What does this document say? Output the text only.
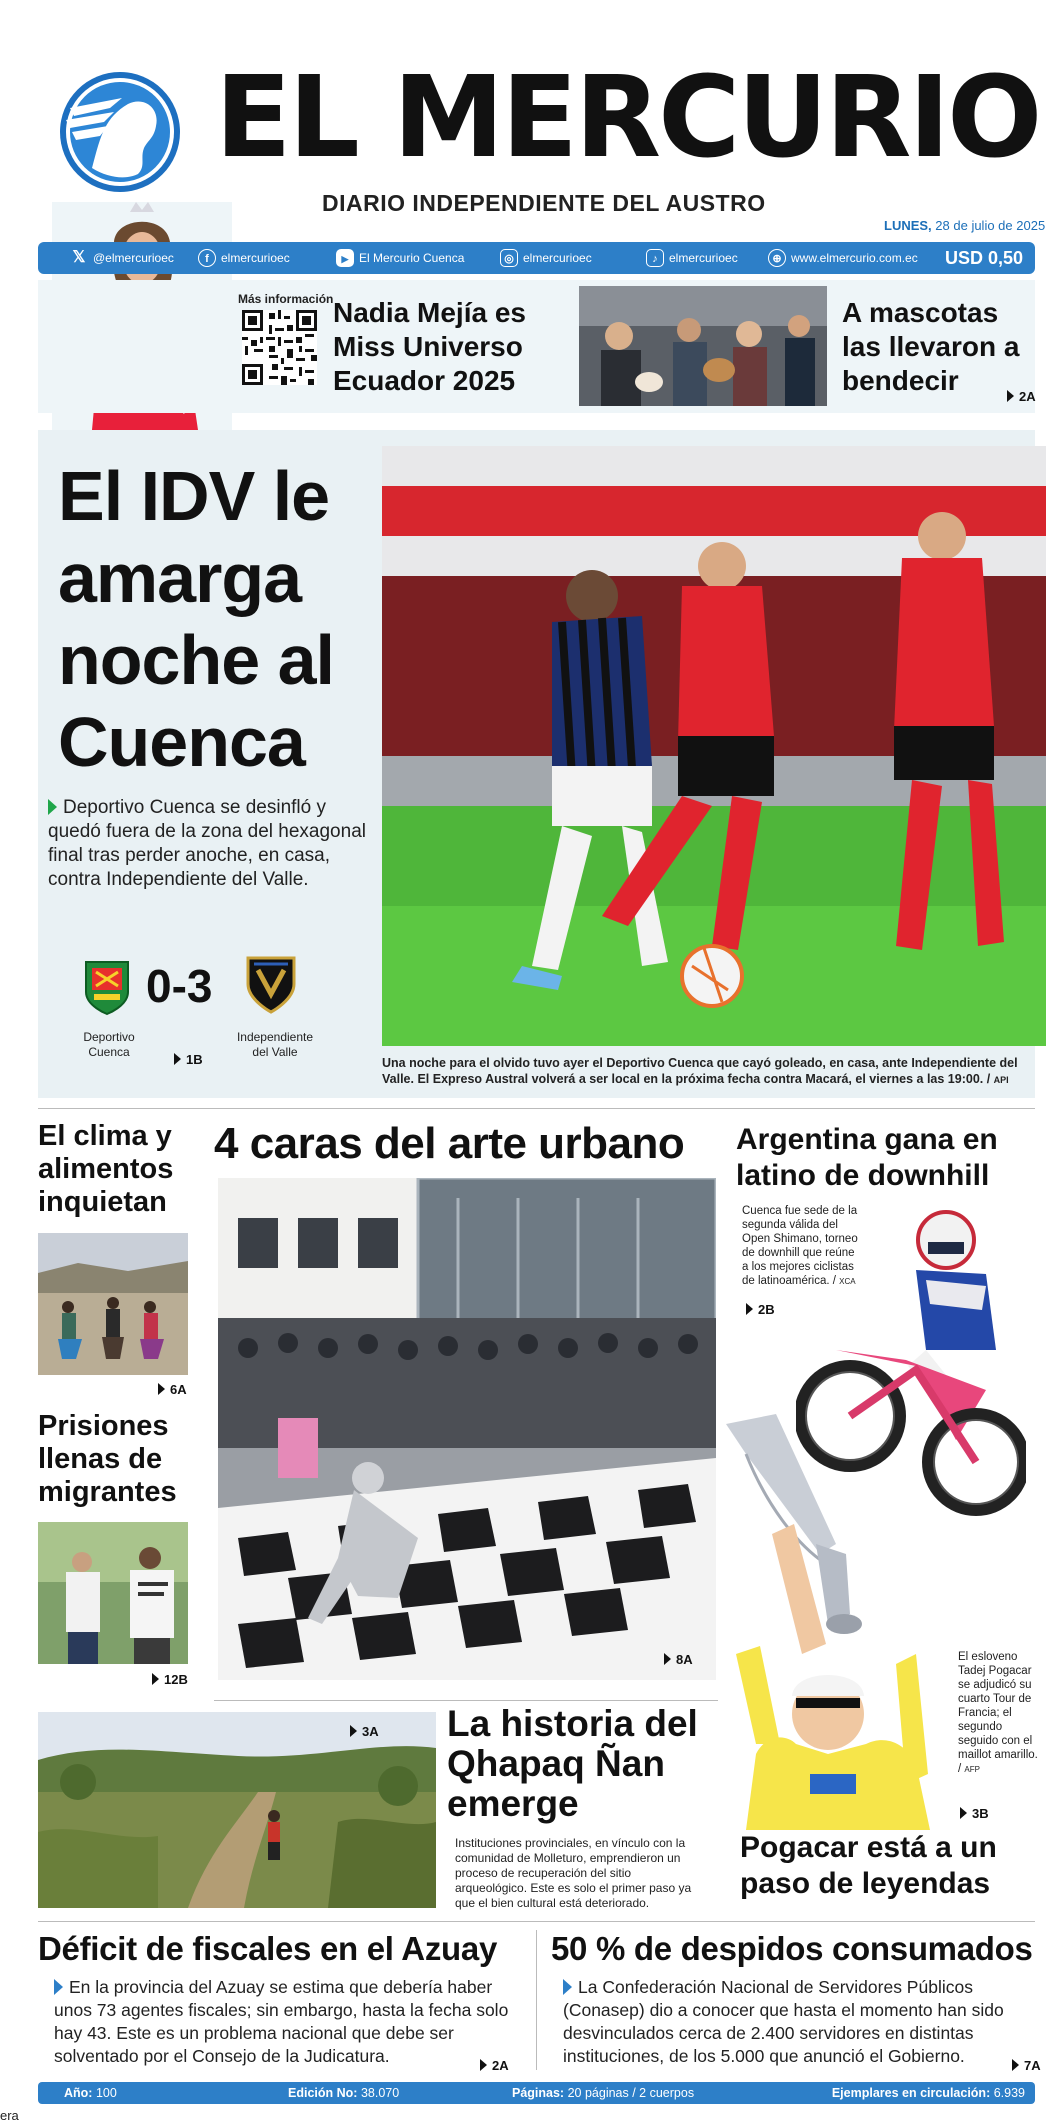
EL MERCURIO
DIARIO INDEPENDIENTE DEL AUSTRO
LUNES, 28 de julio de 2025
𝕏 @elmercurioec	f	elmercurioec	▶ El Mercurio Cuenca	◎ elmercurioec	♪ elmercurioec	⊕ www.elmercurio.com.ec USD 0,50
Más información Nadia Mejía es Miss Universo Ecuador 2025
A mascotas las llevaron a bendecir
2A
El IDV le amarga noche al Cuenca
Deportivo Cuenca se desinfló y quedó fuera de la zona del hexagonal final tras perder anoche, en casa, contra Independiente del Valle.
0-3
Deportivo Cuenca
Independiente del Valle
1B	Una noche para el olvido tuvo ayer el Deportivo Cuenca que cayó goleado, en casa, ante Independiente del Valle. El Expreso Austral volverá a ser local en la próxima fecha contra Macará, el viernes a las 19:00. / API
El clima y alimentos inquietan
6A
Prisiones llenas de migrantes
12B
4 caras del arte urbano
8A
3A La historia del Qhapaq Ñan emerge
Instituciones provinciales, en vínculo con la comunidad de Molleturo, emprendieron un proceso de recuperación del sitio arqueológico. Este es solo el primer paso ya que el bien cultural está deteriorado.
Argentina gana en latino de downhill
Cuenca fue sede de la segunda válida del Open Shimano, torneo de downhill que reúne a los mejores ciclistas de latinoamérica. / XCA
2B
El esloveno Tadej Pogacar se adjudicó su cuarto Tour de Francia; el segundo seguido con el maillot amarillo. / AFP
3B
Pogacar está a un paso de leyendas
Déficit de fiscales en el Azuay
En la provincia del Azuay se estima que debería haber unos 73 agentes fiscales; sin embargo, hasta la fecha solo hay 43. Este es un problema nacional que debe ser solventado por el Consejo de la Judicatura.	2A
50 % de despidos consumados
La Confederación Nacional de Servidores Públicos (Conasep) dio a conocer que hasta el momento han sido desvinculados cerca de 2.400 servidores en distintas instituciones, de los 5.000 que anunció el Gobierno.	7A
Año: 100	Edición No: 38.070	Páginas: 20 páginas / 2 cuerpos	Ejemplares en circulación: 6.939
era
